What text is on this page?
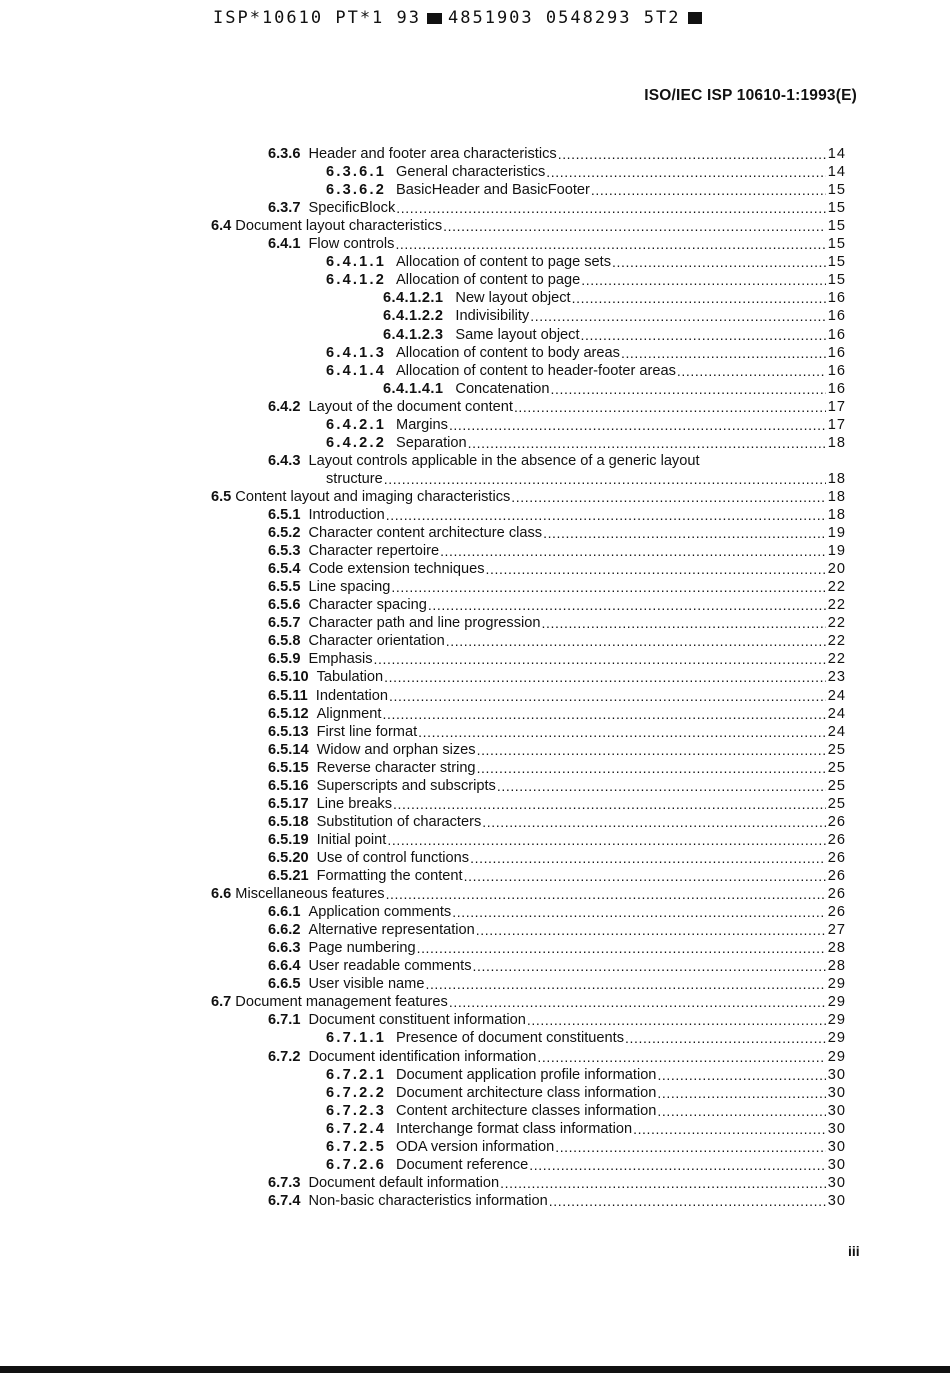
ISP*10610 PT*1 93 4851903 0548293 5T2
ISO/IEC ISP 10610-1:1993(E)
6.3.6 Header and footer area characteristics .....	14
6.3.6.1 General characteristics .....	14
6.3.6.2 BasicHeader and BasicFooter .....	15
6.3.7 SpecificBlock .....	15
6.4 Document layout characteristics .....	15
6.4.1 Flow controls .....	15
6.4.1.1 Allocation of content to page sets .....	15
6.4.1.2 Allocation of content to page .....	15
6.4.1.2.1 New layout object .....	16
6.4.1.2.2 Indivisibility .....	16
6.4.1.2.3 Same layout object .....	16
6.4.1.3 Allocation of content to body areas .....	16
6.4.1.4 Allocation of content to header-footer areas .....	16
6.4.1.4.1 Concatenation .....	16
6.4.2 Layout of the document content .....	17
6.4.2.1 Margins .....	17
6.4.2.2 Separation .....	18
6.4.3 Layout controls applicable in the absence of a generic layout
structure .....	18
6.5 Content layout and imaging characteristics .....	18
6.5.1 Introduction .....	18
6.5.2 Character content architecture class .....	19
6.5.3 Character repertoire .....	19
6.5.4 Code extension techniques .....	20
6.5.5 Line spacing .....	22
6.5.6 Character spacing .....	22
6.5.7 Character path and line progression .....	22
6.5.8 Character orientation .....	22
6.5.9 Emphasis .....	22
6.5.10 Tabulation .....	23
6.5.11 Indentation .....	24
6.5.12 Alignment .....	24
6.5.13 First line format .....	24
6.5.14 Widow and orphan sizes .....	25
6.5.15 Reverse character string .....	25
6.5.16 Superscripts and subscripts .....	25
6.5.17 Line breaks .....	25
6.5.18 Substitution of characters .....	26
6.5.19 Initial point .....	26
6.5.20 Use of control functions .....	26
6.5.21 Formatting the content .....	26
6.6 Miscellaneous features .....	26
6.6.1 Application comments .....	26
6.6.2 Alternative representation .....	27
6.6.3 Page numbering .....	28
6.6.4 User readable comments .....	28
6.6.5 User visible name .....	29
6.7 Document management features .....	29
6.7.1 Document constituent information .....	29
6.7.1.1 Presence of document constituents .....	29
6.7.2 Document identification information .....	29
6.7.2.1 Document application profile information .....	30
6.7.2.2 Document architecture class information .....	30
6.7.2.3 Content architecture classes information .....	30
6.7.2.4 Interchange format class information .....	30
6.7.2.5 ODA version information .....	30
6.7.2.6 Document reference .....	30
6.7.3 Document default information .....	30
6.7.4 Non-basic characteristics information .....	30
iii
